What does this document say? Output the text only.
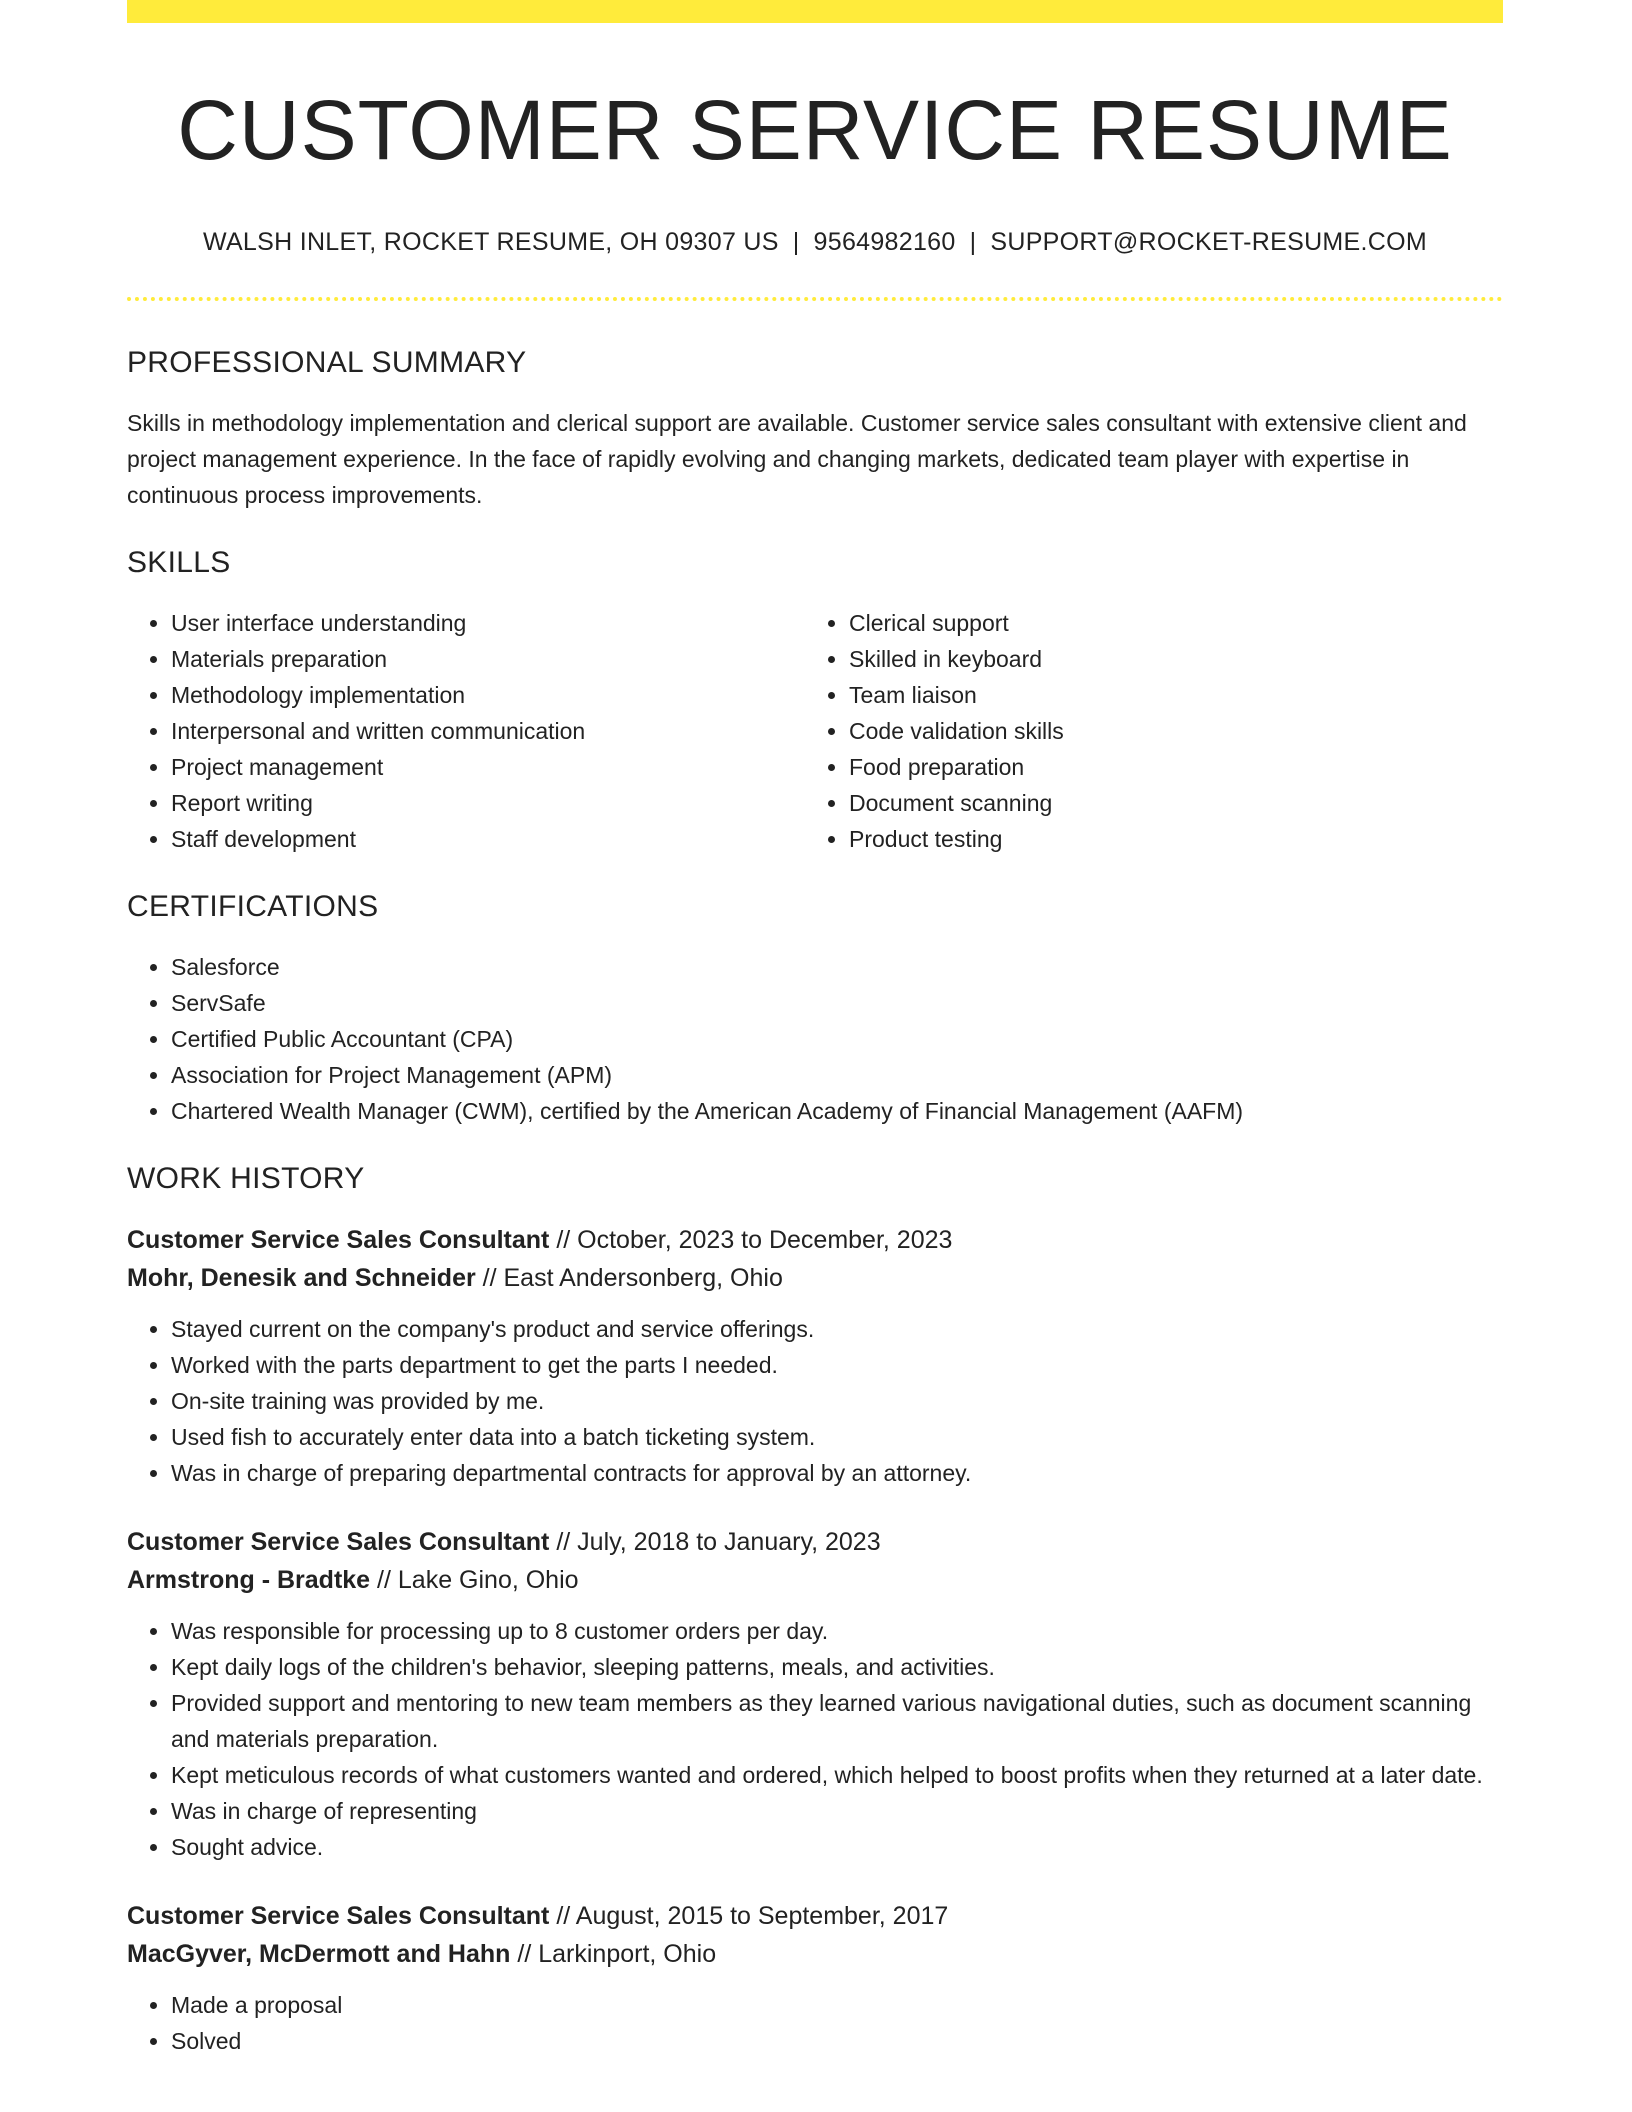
CUSTOMER SERVICE RESUME
WALSH INLET, ROCKET RESUME, OH 09307 US | 9564982160 | SUPPORT@ROCKET-RESUME.COM
PROFESSIONAL SUMMARY

Skills in methodology implementation and clerical support are available. Customer service sales consultant with extensive client and project management experience. In the face of rapidly evolving and changing markets, dedicated team player with expertise in continuous process improvements.

SKILLS
• User interface understanding
• Materials preparation
• Methodology implementation
• Interpersonal and written communication
• Project management
• Report writing
• Staff development
• Clerical support
• Skilled in keyboard
• Team liaison
• Code validation skills
• Food preparation
• Document scanning
• Product testing
CERTIFICATIONS
• Salesforce
• ServSafe
• Certified Public Accountant (CPA)
• Association for Project Management (APM)
• Chartered Wealth Manager (CWM), certified by the American Academy of Financial Management (AAFM)
WORK HISTORY
Customer Service Sales Consultant // October, 2023 to December, 2023
Mohr, Denesik and Schneider // East Andersonberg, Ohio
• Stayed current on the company's product and service offerings.
• Worked with the parts department to get the parts I needed.
• On-site training was provided by me.
• Used fish to accurately enter data into a batch ticketing system.
• Was in charge of preparing departmental contracts for approval by an attorney.
Customer Service Sales Consultant // July, 2018 to January, 2023
Armstrong - Bradtke // Lake Gino, Ohio
• Was responsible for processing up to 8 customer orders per day.
• Kept daily logs of the children's behavior, sleeping patterns, meals, and activities.
• Provided support and mentoring to new team members as they learned various navigational duties, such as document scanning and materials preparation.
• Kept meticulous records of what customers wanted and ordered, which helped to boost profits when they returned at a later date.
• Was in charge of representing
• Sought advice.
Customer Service Sales Consultant // August, 2015 to September, 2017
MacGyver, McDermott and Hahn // Larkinport, Ohio
• Made a proposal
• Solved
